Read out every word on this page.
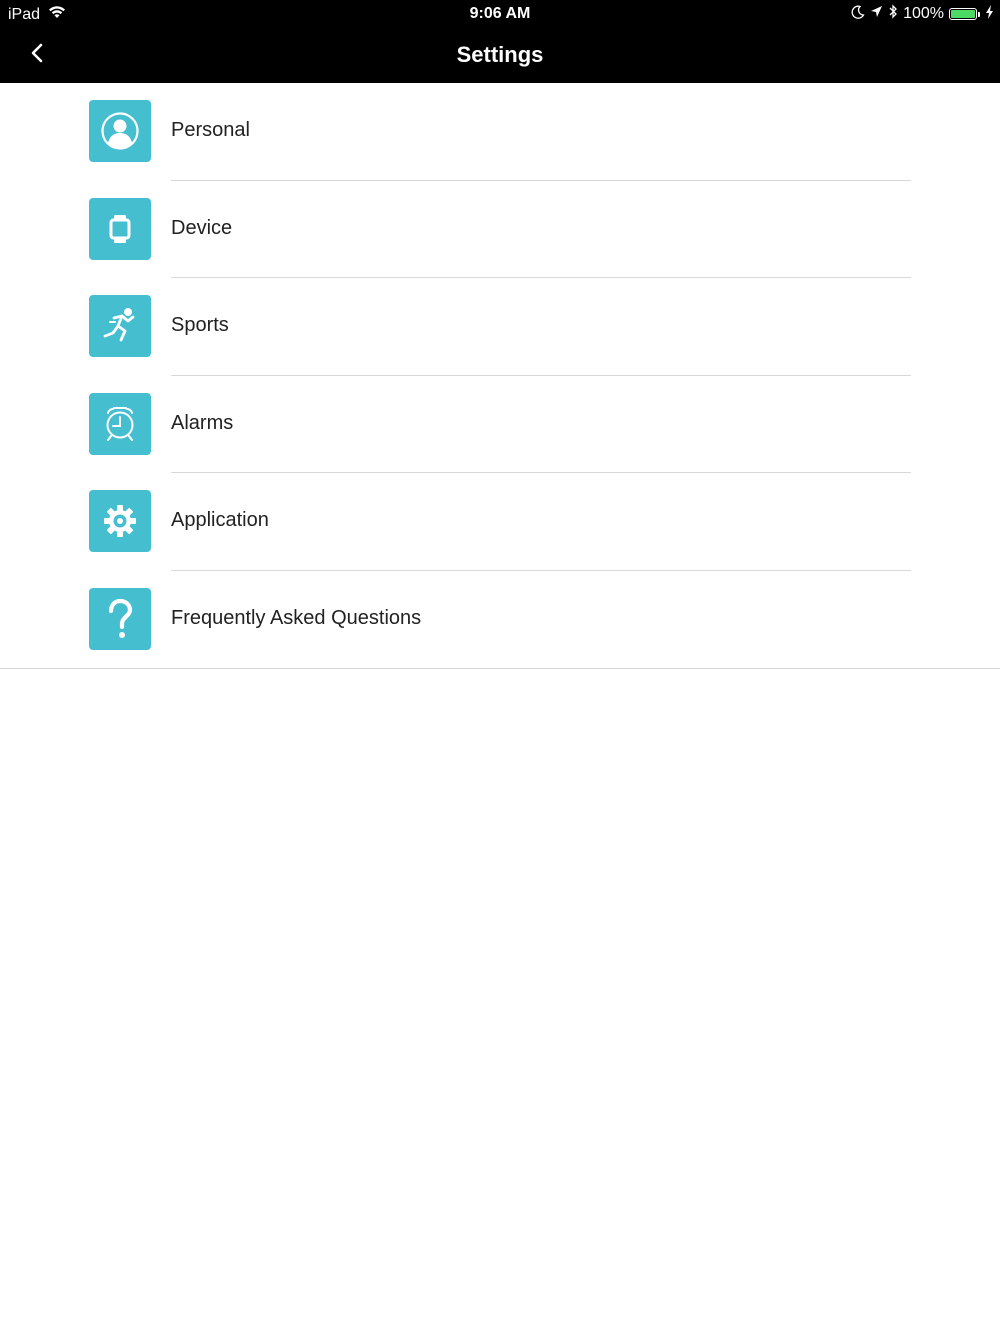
iPad	9:06 AM	100%
Settings
Personal
Device
Sports
Alarms
Application
Frequently Asked Questions
